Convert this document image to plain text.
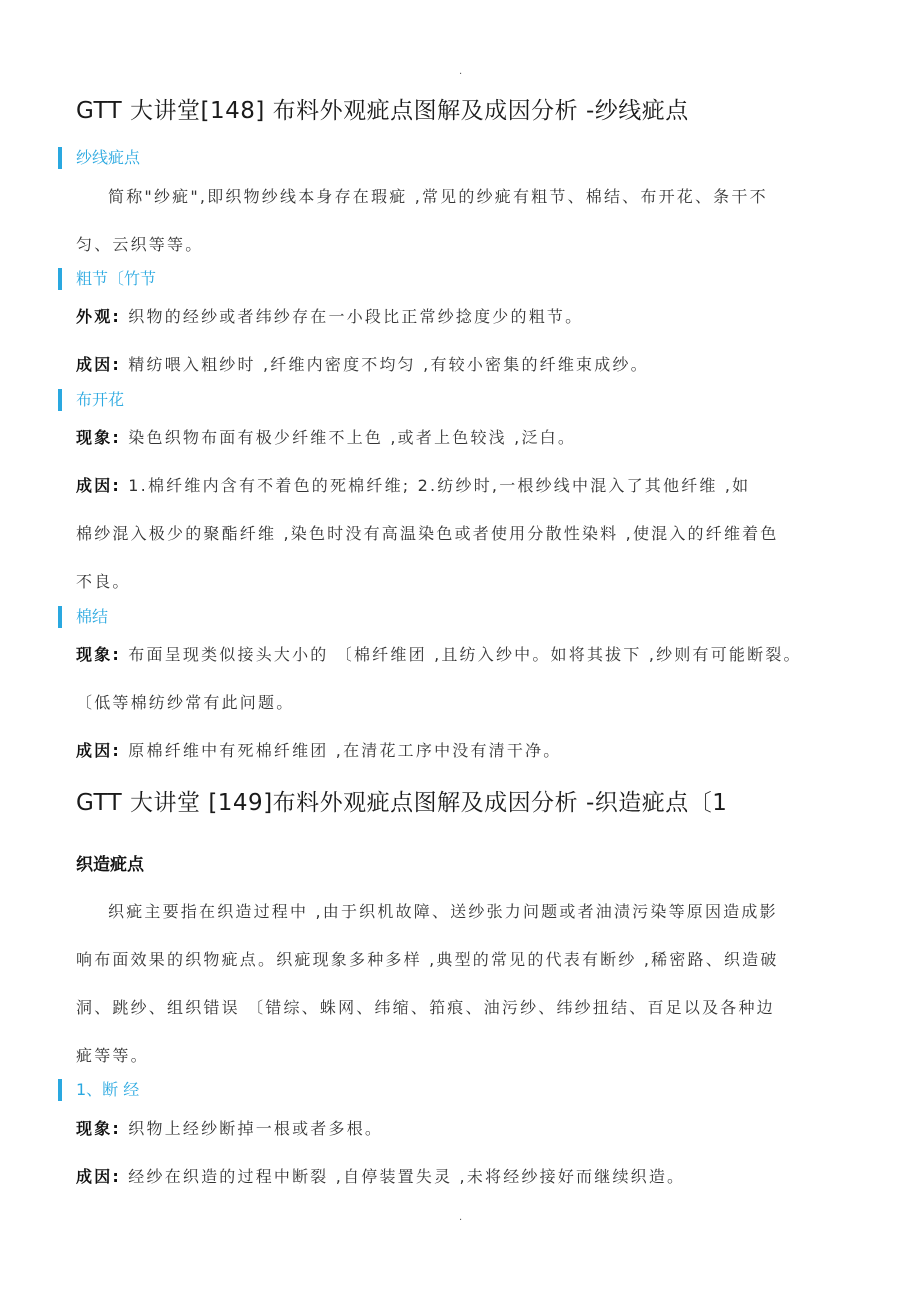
.
GTT 大讲堂[148] 布料外观疵点图解及成因分析 -纱线疵点
纱线疵点
简称"纱疵",即织物纱线本身存在瑕疵 ,常见的纱疵有粗节、棉结、布开花、条干不
匀、云织等等。
粗节〔竹节
外观: 织物的经纱或者纬纱存在一小段比正常纱捻度少的粗节。
成因: 精纺喂入粗纱时 ,纤维内密度不均匀 ,有较小密集的纤维束成纱。
布开花
现象: 染色织物布面有极少纤维不上色 ,或者上色较浅 ,泛白。
成因: 1.棉纤维内含有不着色的死棉纤维; 2.纺纱时,一根纱线中混入了其他纤维 ,如
棉纱混入极少的聚酯纤维 ,染色时没有高温染色或者使用分散性染料 ,使混入的纤维着色
不良。
棉结
现象: 布面呈现类似接头大小的 〔棉纤维团 ,且纺入纱中。如将其拔下 ,纱则有可能断裂。
〔低等棉纺纱常有此问题。
成因: 原棉纤维中有死棉纤维团 ,在清花工序中没有清干净。
GTT 大讲堂 [149]布料外观疵点图解及成因分析 -织造疵点〔1
织造疵点
织疵主要指在织造过程中 ,由于织机故障、送纱张力问题或者油渍污染等原因造成影
响布面效果的织物疵点。织疵现象多种多样 ,典型的常见的代表有断纱 ,稀密路、织造破
洞、跳纱、组织错误 〔错综、蛛网、纬缩、筘痕、油污纱、纬纱扭结、百足以及各种边
疵等等。
1、断 经
现象: 织物上经纱断掉一根或者多根。
成因: 经纱在织造的过程中断裂 ,自停装置失灵 ,未将经纱接好而继续织造。
.
